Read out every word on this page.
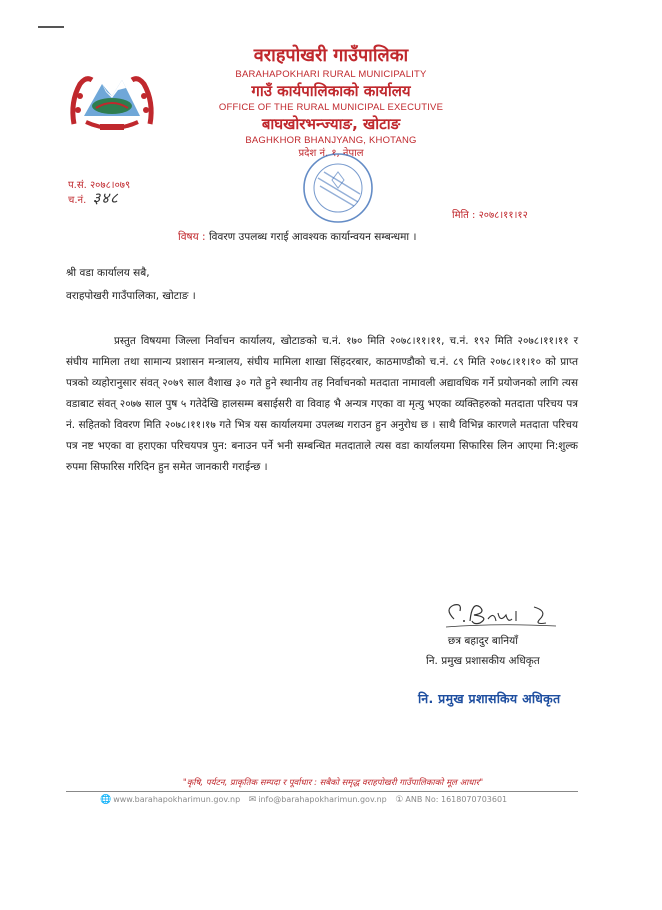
वराहपोखरी गाउँपालिका
BARAHAPOKHARI RURAL MUNICIPALITY
गाउँ कार्यपालिकाको कार्यालय
OFFICE OF THE RURAL MUNICIPAL EXECUTIVE
बाघखोरभन्ज्याङ, खोटाङ
BAGHKHOR BHANJYANG, KHOTANG
प्रदेश नं. १, नेपाल
प.सं. २०७८।०७९
च.नं. ३४८
मिति : २०७८।११।१२
विषय : विवरण उपलब्ध गराई आवश्यक कार्यान्वयन सम्बन्धमा ।
श्री वडा कार्यालय सबै,
वराहपोखरी गाउँपालिका, खोटाङ ।
प्रस्तुत विषयमा जिल्ला निर्वाचन कार्यालय, खोटाङको च.नं. १७० मिति २०७८।११।११, च.नं. १९२ मिति २०७८।११।११ र संघीय मामिला तथा सामान्य प्रशासन मन्त्रालय, संघीय मामिला शाखा सिंहदरबार, काठमाण्डौको च.नं. ८९ मिति २०७८।११।१० को प्राप्त पत्रको व्यहोरानुसार संवत् २०७९ साल वैशाख ३० गते हुने स्थानीय तह निर्वाचनको मतदाता नामावली अद्यावधिक गर्ने प्रयोजनको लागि त्यस वडाबाट संवत् २०७७ साल पुष ५ गतेदेखि हालसम्म बसाईसरी वा विवाह भै अन्यत्र गएका वा मृत्यु भएका व्यक्तिहरुको मतदाता परिचय पत्र नं. सहितको विवरण मिति २०७८।११।१७ गते भित्र यस कार्यालयमा उपलब्ध गराउन हुन अनुरोध छ । साथै विभिन्न कारणले मतदाता परिचय पत्र नष्ट भएका वा हराएका परिचयपत्र पुन: बनाउन पर्ने भनी सम्बन्धित मतदाताले त्यस वडा कार्यालयमा सिफारिस लिन आएमा नि:शुल्क रुपमा सिफारिस गरिदिन हुन समेत जानकारी गराईन्छ ।
छत्र बहादुर बानियाँ
नि. प्रमुख प्रशासकीय अधिकृत
नि. प्रमुख प्रशासकिय अधिकृत
"कृषि, पर्यटन, प्राकृतिक सम्पदा र पूर्वाधार : सबैको समृद्ध वराहपोखरी गाउँपालिकाको मूल आधार"
🌐 www.barahapokharimun.gov.np ✉ info@barahapokharimun.gov.np ① ANB No: 1618070703601
